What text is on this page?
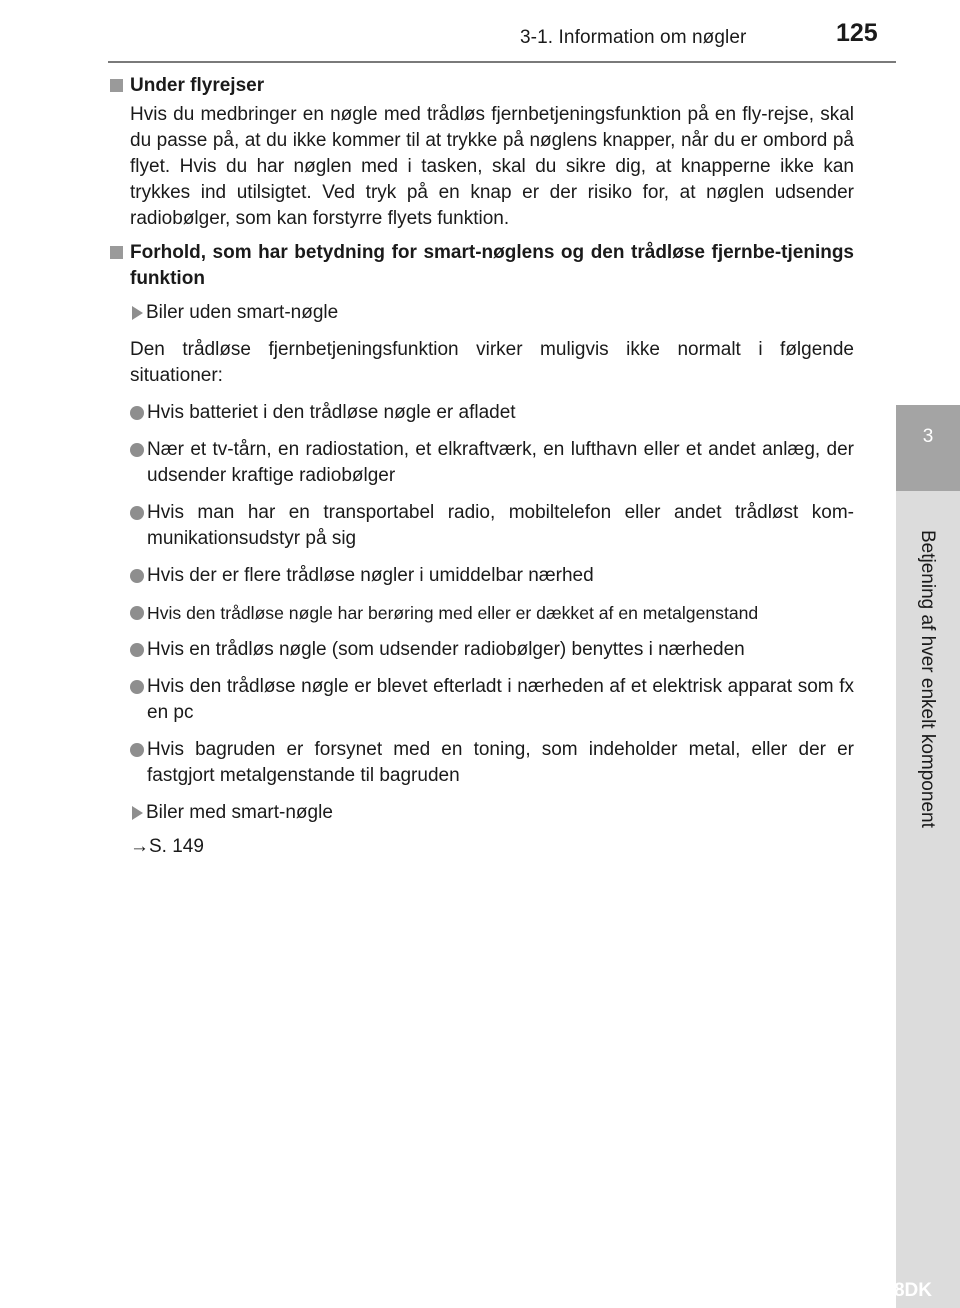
3-1. Information om nøgler	125
3
Betjening af hver enkelt komponent
Under flyrejser
Hvis du medbringer en nøgle med trådløs fjernbetjeningsfunktion på en fly-rejse, skal du passe på, at du ikke kommer til at trykke på nøglens knapper, når du er ombord på flyet. Hvis du har nøglen med i tasken, skal du sikre dig, at knapperne ikke kan trykkes ind utilsigtet. Ved tryk på en knap er der risiko for, at nøglen udsender radiobølger, som kan forstyrre flyets funktion.
Forhold, som har betydning for smart-nøglens og den trådløse fjernbe-tjenings funktion
Biler uden smart-nøgle
Den trådløse fjernbetjeningsfunktion virker muligvis ikke normalt i følgende situationer:
Hvis batteriet i den trådløse nøgle er afladet
Nær et tv-tårn, en radiostation, et elkraftværk, en lufthavn eller et andet anlæg, der udsender kraftige radiobølger
Hvis man har en transportabel radio, mobiltelefon eller andet trådløst kom-munikationsudstyr på sig
Hvis der er flere trådløse nøgler i umiddelbar nærhed
Hvis den trådløse nøgle har berøring med eller er dækket af en metalgenstand
Hvis en trådløs nøgle (som udsender radiobølger) benyttes i nærheden
Hvis den trådløse nøgle er blevet efterladt i nærheden af et elektrisk apparat som fx en pc
Hvis bagruden er forsynet med en toning, som indeholder metal, eller der er fastgjort metalgenstande til bagruden
Biler med smart-nøgle
→S. 149
OM42A68DK
